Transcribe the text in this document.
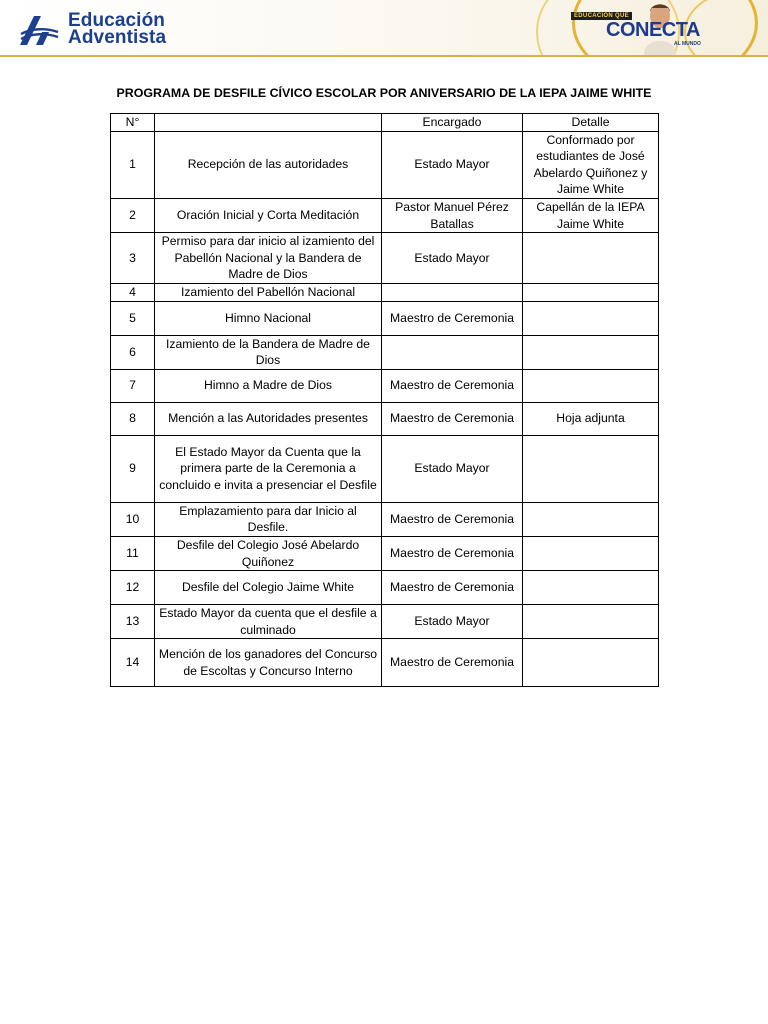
Educación
Adventista
EDUCACIÓN QUE
CONECTA
AL MUNDO
PROGRAMA DE DESFILE CÍVICO ESCOLAR POR ANIVERSARIO DE LA IEPA JAIME WHITE
N°		Encargado	Detalle
1	Recepción de las autoridades	Estado Mayor	Conformado por estudiantes de José Abelardo Quiñonez y Jaime White
2	Oración Inicial y Corta Meditación	Pastor Manuel Pérez Batallas	Capellán de la IEPA Jaime White
3	Permiso para dar inicio al izamiento del Pabellón Nacional y la Bandera de Madre de Dios	Estado Mayor	
4	Izamiento del Pabellón Nacional		
5	Himno Nacional	Maestro de Ceremonia	
6	Izamiento de la Bandera de Madre de Dios		
7	Himno a Madre de Dios	Maestro de Ceremonia	
8	Mención a las Autoridades presentes	Maestro de Ceremonia	Hoja adjunta
9	El Estado Mayor da Cuenta que la primera parte de la Ceremonia a concluido e invita a presenciar el Desfile	Estado Mayor	
10	Emplazamiento para dar Inicio al Desfile.	Maestro de Ceremonia	
11	Desfile del Colegio José Abelardo Quiñonez	Maestro de Ceremonia	
12	Desfile del Colegio Jaime White	Maestro de Ceremonia	
13	Estado Mayor da cuenta que el desfile a culminado	Estado Mayor	
14	Mención de los ganadores del Concurso de Escoltas y Concurso Interno	Maestro de Ceremonia	
